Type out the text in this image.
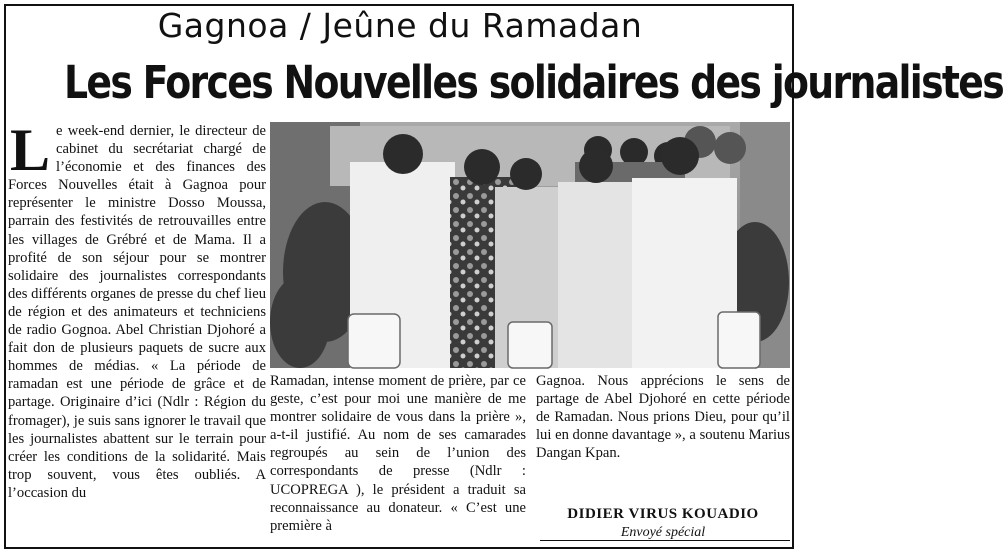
Gagnoa / Jeûne du Ramadan
Les Forces Nouvelles solidaires des journalistes
Le week-end dernier, le directeur de cabinet du secrétariat chargé de l’économie et des finances des Forces Nouvelles était à Gagnoa pour représenter le ministre Dosso Moussa, parrain des festivités de retrouvailles entre les villages de Grébré et de Mama. Il a profité de son séjour pour se montrer solidaire des journalistes correspondants des différents organes de presse du chef lieu de région et des animateurs et techniciens de radio Gognoa. Abel Christian Djohoré a fait don de plusieurs paquets de sucre aux hommes de médias. « La période de ramadan est une période de grâce et de partage. Originaire d’ici (Ndlr : Région du fromager), je suis sans ignorer le travail que les journalistes abattent sur le terrain pour créer les conditions de la solidarité. Mais trop souvent, vous êtes oubliés. A l’occasion du
Ramadan, intense moment de prière, par ce geste, c’est pour moi une manière de me montrer solidaire de vous dans la prière », a-t-il justifié. Au nom de ses camarades regroupés au sein de l’union des correspondants de presse (Ndlr : UCOPREGA ), le président a traduit sa reconnaissance au donateur. « C’est une première à
Gagnoa. Nous apprécions le sens de partage de Abel Djohoré en cette période de Ramadan. Nous prions Dieu, pour qu’il lui en donne davantage », a soutenu Marius Dangan Kpan.
DIDIER VIRUS KOUADIO
Envoyé spécial
